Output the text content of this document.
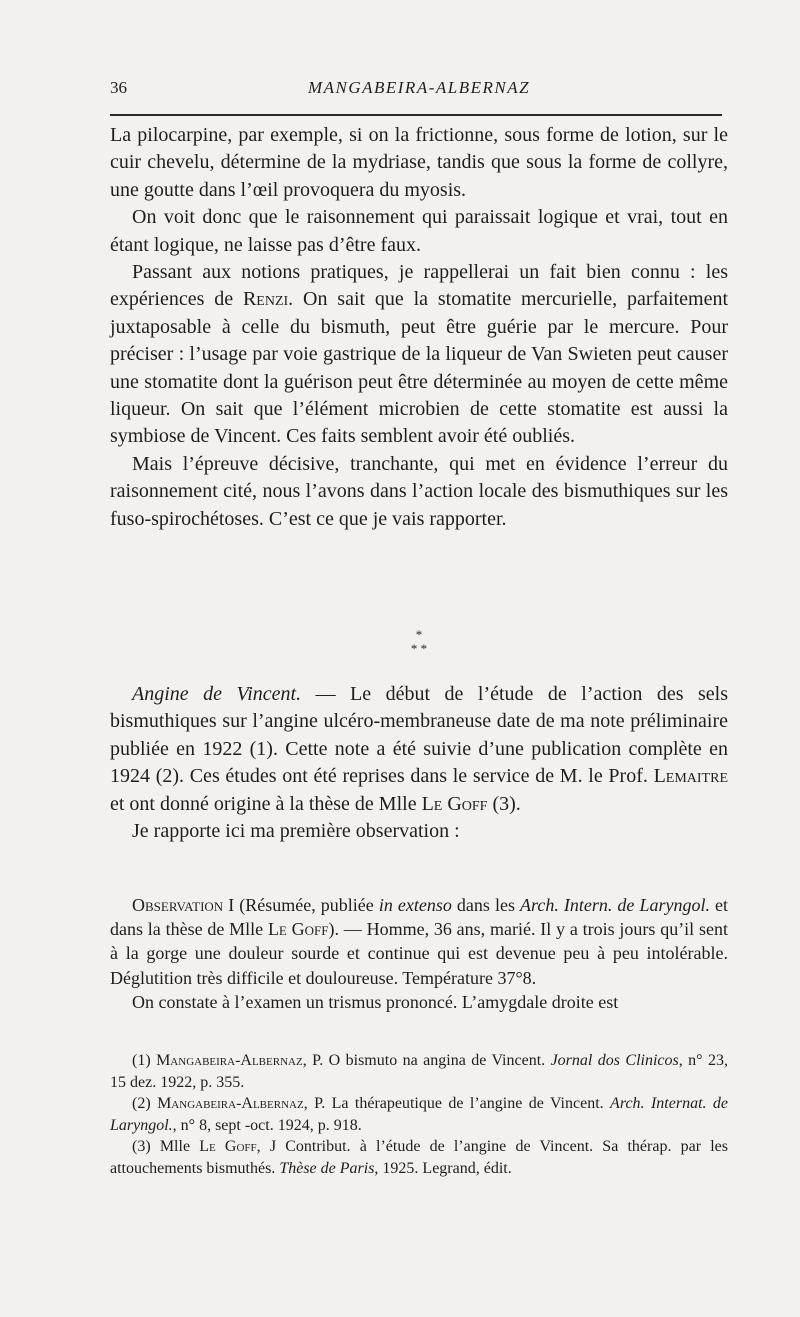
36	MANGABEIRA-ALBERNAZ

La pilocarpine, par exemple, si on la frictionne, sous forme de lotion, sur le cuir chevelu, détermine de la mydriase, tandis que sous la forme de collyre, une goutte dans l’œil provoquera du myosis.

On voit donc que le raisonnement qui paraissait logique et vrai, tout en étant logique, ne laisse pas d’être faux.

Passant aux notions pratiques, je rappellerai un fait bien connu : les expériences de Renzi. On sait que la stomatite mercurielle, parfaitement juxtaposable à celle du bismuth, peut être guérie par le mercure. Pour préciser : l’usage par voie gastrique de la liqueur de Van Swieten peut causer une stomatite dont la guérison peut être déterminée au moyen de cette même liqueur. On sait que l’élément microbien de cette stomatite est aussi la symbiose de Vincent. Ces faits semblent avoir été oubliés.

Mais l’épreuve décisive, tranchante, qui met en évidence l’erreur du raisonnement cité, nous l’avons dans l’action locale des bismuthiques sur les fuso-spirochétoses. C’est ce que je vais rapporter.

*
* *

Angine de Vincent. — Le début de l’étude de l’action des sels bismuthiques sur l’angine ulcéro-membraneuse date de ma note préliminaire publiée en 1922 (1). Cette note a été suivie d’une publication complète en 1924 (2). Ces études ont été reprises dans le service de M. le Prof. Lemaitre et ont donné origine à la thèse de Mlle Le Goff (3).

Je rapporte ici ma première observation :

Observation I (Résumée, publiée in extenso dans les Arch. Intern. de Laryngol. et dans la thèse de Mlle Le Goff). — Homme, 36 ans, marié. Il y a trois jours qu’il sent à la gorge une douleur sourde et continue qui est devenue peu à peu intolérable. Déglutition très difficile et douloureuse. Température 37°8.

On constate à l’examen un trismus prononcé. L’amygdale droite est

(1) Mangabeira-Albernaz, P. O bismuto na angina de Vincent. Jornal dos Clinicos, n° 23, 15 dez. 1922, p. 355.

(2) Mangabeira-Albernaz, P. La thérapeutique de l’angine de Vincent. Arch. Internat. de Laryngol., n° 8, sept -oct. 1924, p. 918.

(3) Mlle Le Goff, J Contribut. à l’étude de l’angine de Vincent. Sa thérap. par les attouchements bismuthés. Thèse de Paris, 1925. Legrand, édit.
